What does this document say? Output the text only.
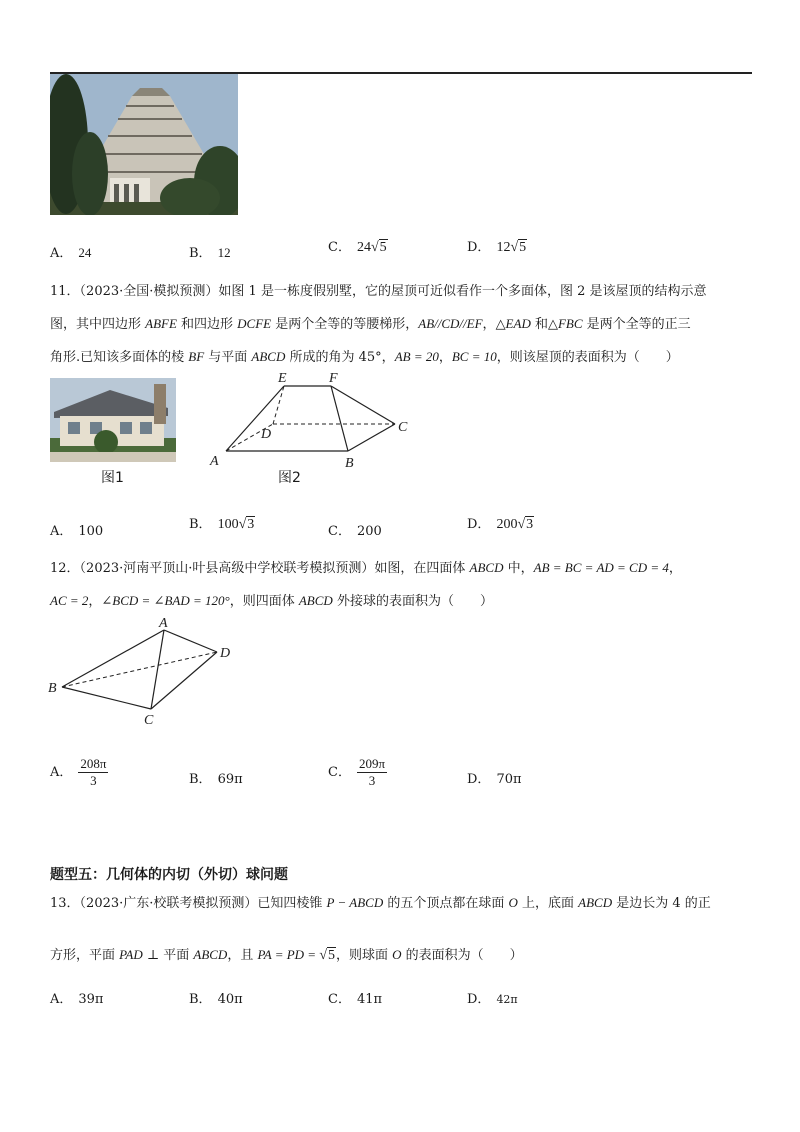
A． 24	B． 12	C． 24√5	D． 12√5
11．（2023·全国·模拟预测）如图 1 是一栋度假别墅，它的屋顶可近似看作一个多面体，图 2 是该屋顶的结构示意
图，其中四边形 ABFE 和四边形 DCFE 是两个全等的等腰梯形，AB//CD//EF，△EAD 和△FBC 是两个全等的正三
角形.已知该多面体的棱 BF 与平面 ABCD 所成的角为 45°，AB = 20，BC = 10，则该屋顶的表面积为（　　）
图1
E	F
D	C
A	B
图2
A． 100	B． 100√3	C． 200	D． 200√3
12．（2023·河南平顶山·叶县高级中学校联考模拟预测）如图，在四面体 ABCD 中，AB = BC = AD = CD = 4，
AC = 2，∠BCD = ∠BAD = 120°，则四面体 ABCD 外接球的表面积为（　　）
A
D
B
C
A． $\frac{208\pi}{3}$	B． 69π	C． $\frac{209\pi}{3}$	D． 70π
题型五：几何体的内切（外切）球问题
13．（2023·广东·校联考模拟预测）已知四棱锥 P − ABCD 的五个顶点都在球面 O 上，底面 ABCD 是边长为 4 的正
方形，平面 PAD ⊥ 平面 ABCD，且 PA = PD = √5，则球面 O 的表面积为（　　）
A． 39π	B． 40π	C． 41π	D． 42π
